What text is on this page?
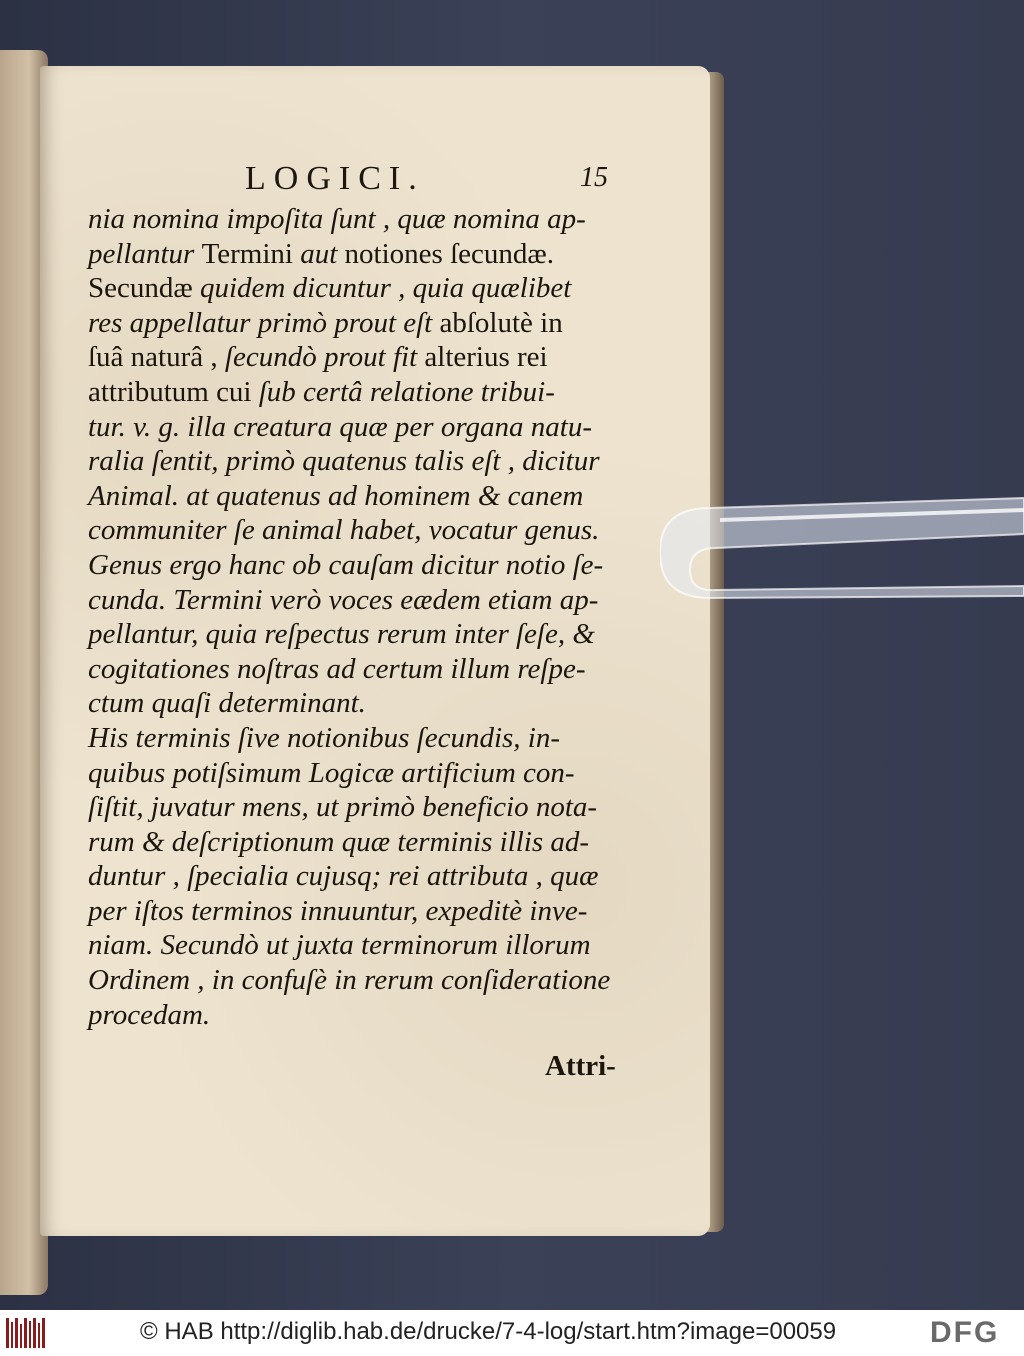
LOGICI.	15
nia nomina impoſita ſunt , quæ nomina ap-
pellantur Termini aut notiones ſecundæ.
Secundæ quidem dicuntur , quia quælibet
res appellatur primò prout eſt abſolutè in
ſuâ naturâ , ſecundò prout fit alterius rei
attributum cui ſub certâ relatione tribui-
tur. v. g. illa creatura quæ per organa natu-
ralia ſentit, primò quatenus talis eſt , dicitur
Animal. at quatenus ad hominem & canem
communiter ſe animal habet, vocatur genus.
Genus ergo hanc ob cauſam dicitur notio ſe-
cunda. Termini verò voces eædem etiam ap-
pellantur, quia reſpectus rerum inter ſeſe, &
cogitationes noſtras ad certum illum reſpe-
ctum quaſi determinant.
His terminis ſive notionibus ſecundis, in-
quibus potiſsimum Logicæ artificium con-
ſiſtit, juvatur mens, ut primò beneficio nota-
rum & deſcriptionum quæ terminis illis ad-
duntur , ſpecialia cujusq; rei attributa , quæ
per iſtos terminos innuuntur, expeditè inve-
niam. Secundò ut juxta terminorum illorum
Ordinem , in confuſè in rerum conſideratione
procedam.
Attri-
© HAB http://diglib.hab.de/drucke/7-4-log/start.htm?image=00059	DFG
